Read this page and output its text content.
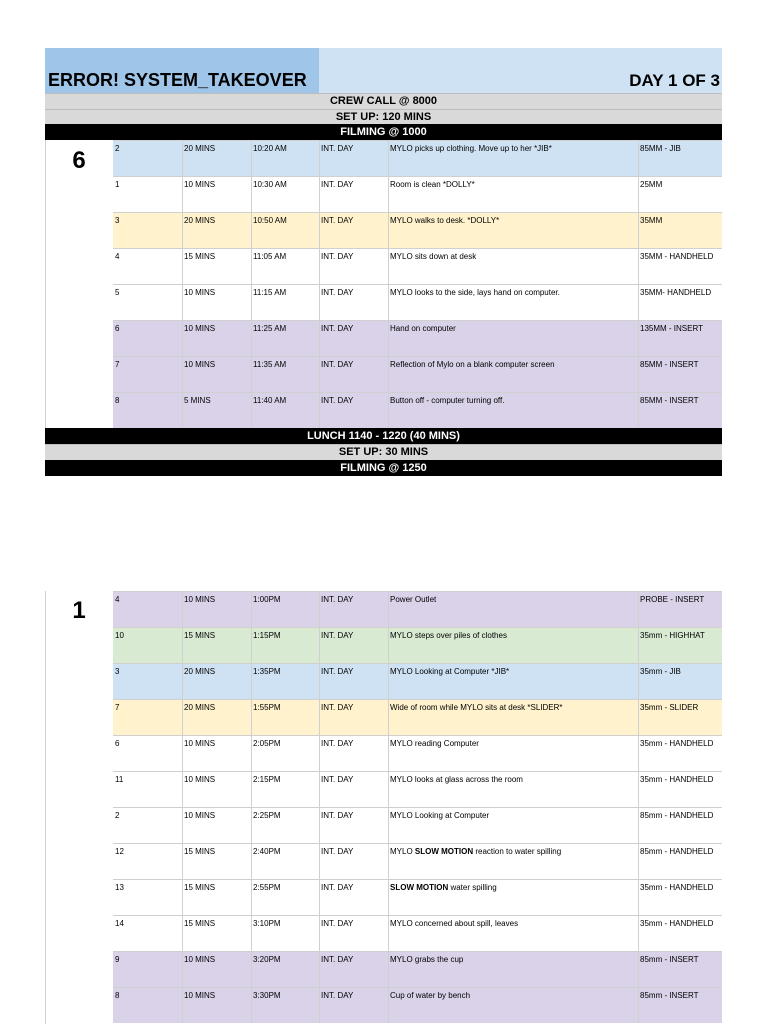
ERROR! SYSTEM_TAKEOVER	DAY 1 OF 3
CREW CALL @ 8000
SET UP: 120 MINS
FILMING @ 1000
6	2	20 MINS	10:20 AM	INT. DAY	MYLO picks up clothing. Move up to her *JIB*	85MM - JIB
1	10 MINS	10:30 AM	INT. DAY	Room is clean *DOLLY*	25MM
3	20 MINS	10:50 AM	INT. DAY	MYLO walks to desk. *DOLLY*	35MM
4	15 MINS	11:05 AM	INT. DAY	MYLO sits down at desk	35MM - HANDHELD
5	10 MINS	11:15 AM	INT. DAY	MYLO looks to the side, lays hand on computer.	35MM- HANDHELD
6	10 MINS	11:25 AM	INT. DAY	Hand on computer	135MM - INSERT
7	10 MINS	11:35 AM	INT. DAY	Reflection of Mylo on a blank computer screen	85MM - INSERT
8	5 MINS	11:40 AM	INT. DAY	Button off - computer turning off.	85MM - INSERT
LUNCH 1140 - 1220 (40 MINS)
SET UP: 30 MINS
FILMING @ 1250
1	4	10 MINS	1:00PM	INT. DAY	Power Outlet	PROBE - INSERT
10	15 MINS	1:15PM	INT. DAY	MYLO steps over piles of clothes	35mm - HIGHHAT
3	20 MINS	1:35PM	INT. DAY	MYLO Looking at Computer *JIB*	35mm - JIB
7	20 MINS	1:55PM	INT. DAY	Wide of room while MYLO sits at desk *SLIDER*	35mm - SLIDER
6	10 MINS	2:05PM	INT. DAY	MYLO reading Computer	35mm - HANDHELD
11	10 MINS	2:15PM	INT. DAY	MYLO looks at glass across the room	35mm - HANDHELD
2	10 MINS	2:25PM	INT. DAY	MYLO Looking at Computer	85mm - HANDHELD
12	15 MINS	2:40PM	INT. DAY	MYLO SLOW MOTION reaction to water spilling	85mm - HANDHELD
13	15 MINS	2:55PM	INT. DAY	SLOW MOTION water spilling	35mm - HANDHELD
14	15 MINS	3:10PM	INT. DAY	MYLO concerned about spill, leaves	35mm - HANDHELD
9	10 MINS	3:20PM	INT. DAY	MYLO grabs the cup	85mm - INSERT
8	10 MINS	3:30PM	INT. DAY	Cup of water by bench	85mm - INSERT
